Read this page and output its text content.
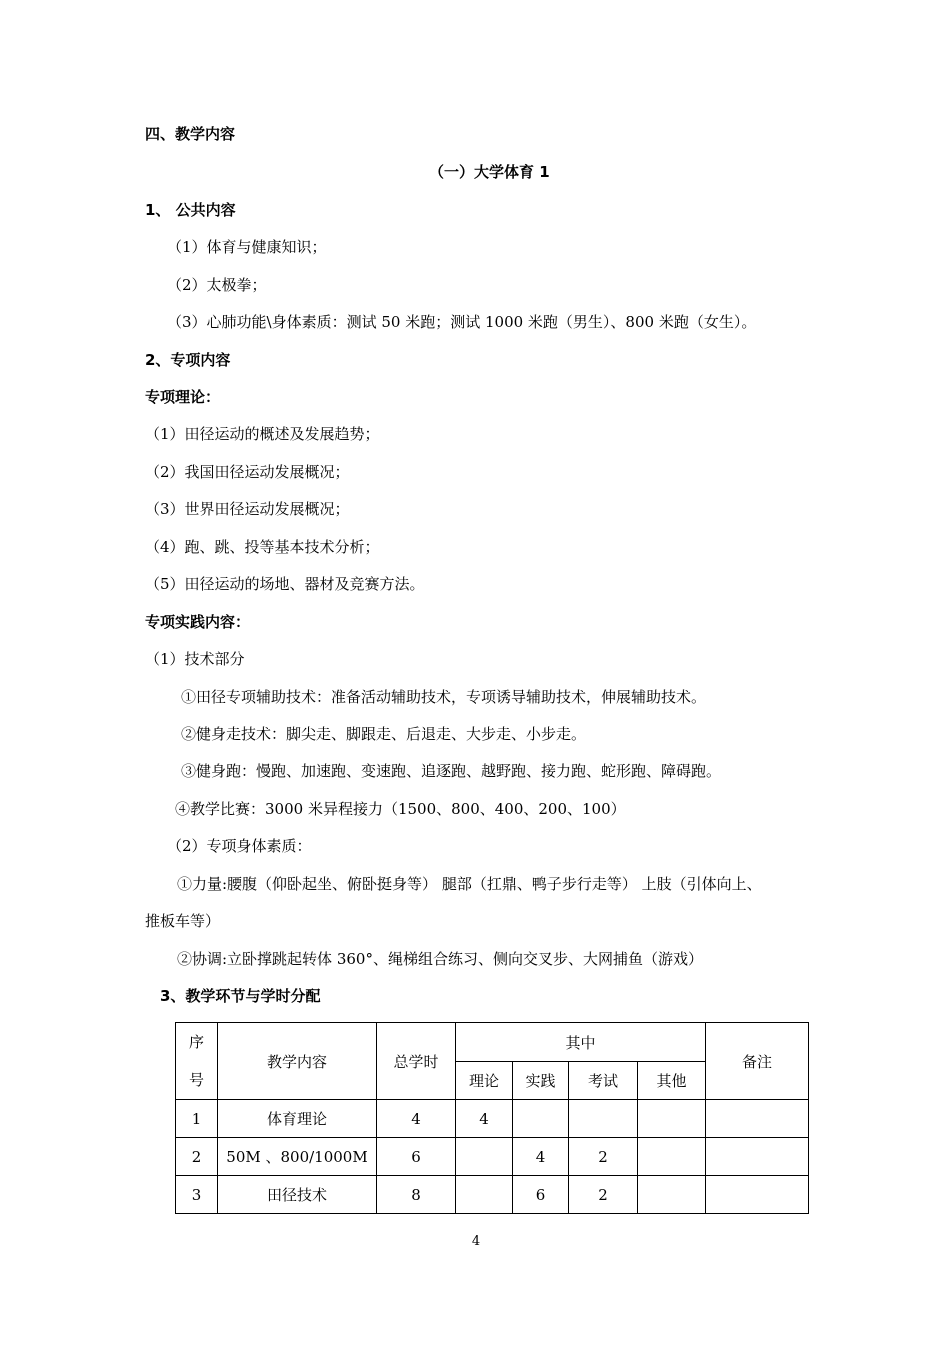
四、教学内容
（一）大学体育 1
1、 公共内容
（1）体育与健康知识；
（2）太极拳；
（3）心肺功能\身体素质：测试 50 米跑；测试 1000 米跑（男生）、800 米跑（女生）。
2、专项内容
专项理论：
（1）田径运动的概述及发展趋势；
（2）我国田径运动发展概况；
（3）世界田径运动发展概况；
（4）跑、跳、投等基本技术分析；
（5）田径运动的场地、器材及竞赛方法。
专项实践内容：
（1）技术部分
①田径专项辅助技术：准备活动辅助技术，专项诱导辅助技术，伸展辅助技术。
②健身走技术：脚尖走、脚跟走、后退走、大步走、小步走。
③健身跑：慢跑、加速跑、变速跑、追逐跑、越野跑、接力跑、蛇形跑、障碍跑。
④教学比赛：3000 米异程接力（1500、800、400、200、100）
（2）专项身体素质：
①力量:腰腹（仰卧起坐、俯卧挺身等） 腿部（扛鼎、鸭子步行走等） 上肢（引体向上、
推板车等）
②协调:立卧撑跳起转体 360°、绳梯组合练习、侧向交叉步、大网捕鱼（游戏）
3、教学环节与学时分配
序
号	教学内容	总学时	其中				备注
			理论	实践	考试	其他	
1	体育理论	4	4				
2	50M 、800/1000M	6		4	2		
3	田径技术	8		6	2		
4
